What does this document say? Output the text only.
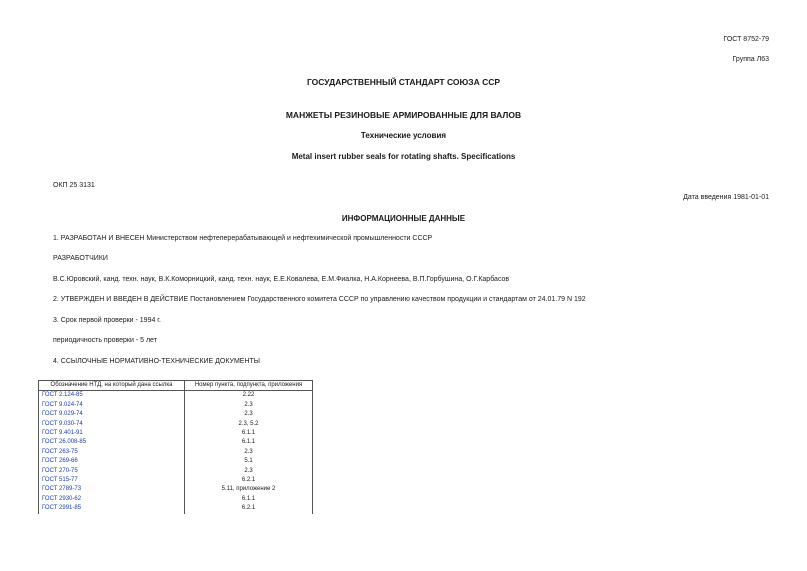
ГОСТ 8752-79

Группа Л63

ГОСУДАРСТВЕННЫЙ СТАНДАРТ СОЮЗА ССР

МАНЖЕТЫ РЕЗИНОВЫЕ АРМИРОВАННЫЕ ДЛЯ ВАЛОВ

Технические условия

Metal insert rubber seals for rotating shafts. Specifications

ОКП 25 3131

Дата введения 1981-01-01

ИНФОРМАЦИОННЫЕ ДАННЫЕ

1. РАЗРАБОТАН И ВНЕСЕН Министерством нефтеперерабатывающей и нефтехимической промышленности СССР

РАЗРАБОТЧИКИ

В.С.Юровский, канд. техн. наук, В.К.Коморницкий, канд. техн. наук, Е.Е.Ковалева, Е.М.Фиалка, Н.А.Корнеева, В.П.Горбушина, О.Г.Карбасов

2. УТВЕРЖДЕН И ВВЕДЕН В ДЕЙСТВИЕ Постановлением Государственного комитета СССР по управлению качеством продукции и стандартам от 24.01.79 N 192

3. Срок первой проверки - 1994 г.

периодичность проверки - 5 лет

4. ССЫЛОЧНЫЕ НОРМАТИВНО-ТЕХНИЧЕСКИЕ ДОКУМЕНТЫ

Обозначение НТД, на который дана ссылка	Номер пункта, подпункта, приложения
ГОСТ 2.124-85	2.22
ГОСТ 9.024-74	2.3
ГОСТ 9.029-74	2.3
ГОСТ 9.030-74	2.3, 5.2
ГОСТ 9.401-91	6.1.1
ГОСТ 26.008-85	6.1.1
ГОСТ 263-75	2.3
ГОСТ 269-66	5.1
ГОСТ 270-75	2.3
ГОСТ 515-77	6.2.1
ГОСТ 2789-73	5.11, приложение 2
ГОСТ 2930-62	6.1.1
ГОСТ 2991-85	6.2.1
